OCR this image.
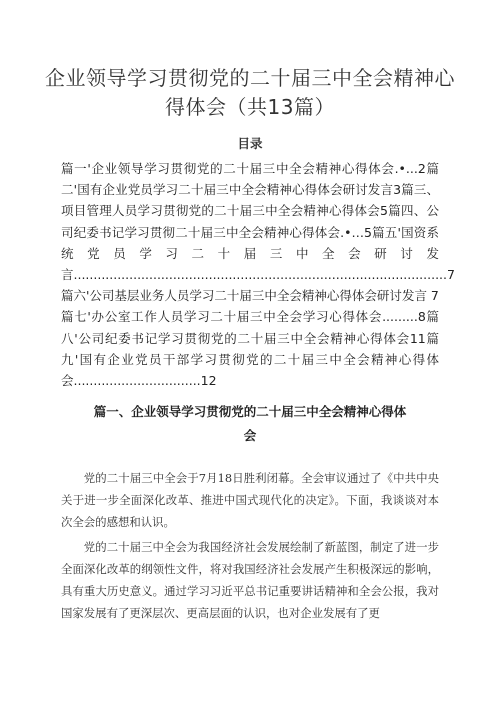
企业领导学习贯彻党的二十届三中全会精神心
得体会（共13篇）
目录

篇一'企业领导学习贯彻党的二十届三中全会精神心得体会.•...2篇二'国有企业党员学习二十届三中全会精神心得体会研讨发言3篇三、项目管理人员学习贯彻党的二十届三中全会精神心得体会5篇四、公司纪委书记学习贯彻二十届三中全会精神心得体会.•…5篇五'国资系统党员学习二十届三中全会研讨发言..............................................................................................7

篇六'公司基层业务人员学习二十届三中全会精神心得体会研讨发言 7

篇七'办公室工作人员学习二十届三中全会学习心得体会.........8篇八'公司纪委书记学习贯彻党的二十届三中全会精神心得体会11篇九'国有企业党员干部学习贯彻党的二十届三中全会精神心得体会................................12

篇一、企业领导学习贯彻党的二十届三中全会精神心得体
会

党的二十届三中全会于7月18日胜利闭幕。全会审议通过了《中共中央关于进一步全面深化改革、推进中国式现代化的决定》。下面，我谈谈对本次全会的感想和认识。

党的二十届三中全会为我国经济社会发展绘制了新蓝图，制定了进一步全面深化改革的纲领性文件，将对我国经济社会发展产生积极深远的影响，具有重大历史意义。通过学习习近平总书记重要讲话精神和全会公报，我对国家发展有了更深层次、更高层面的认识，也对企业发展有了更
